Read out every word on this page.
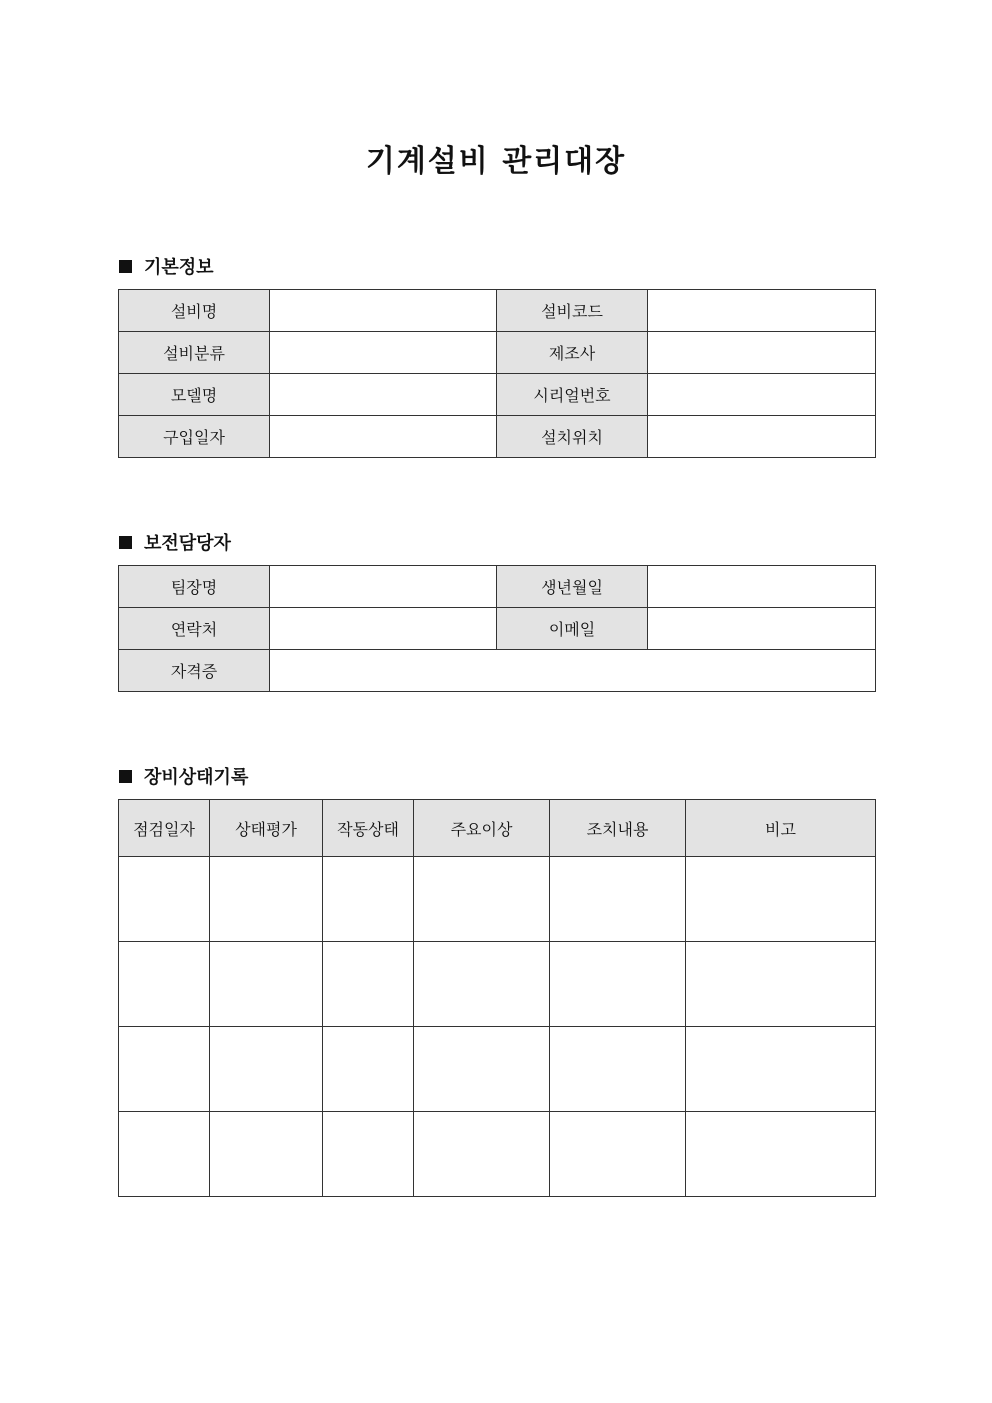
기계설비 관리대장
기본정보
설비명		설비코드	
설비분류		제조사	
모델명		시리얼번호	
구입일자		설치위치	
보전담당자
팀장명		생년월일	
연락처		이메일	
자격증			
장비상태기록
점검일자	상태평가	작동상태	주요이상	조치내용	비고
